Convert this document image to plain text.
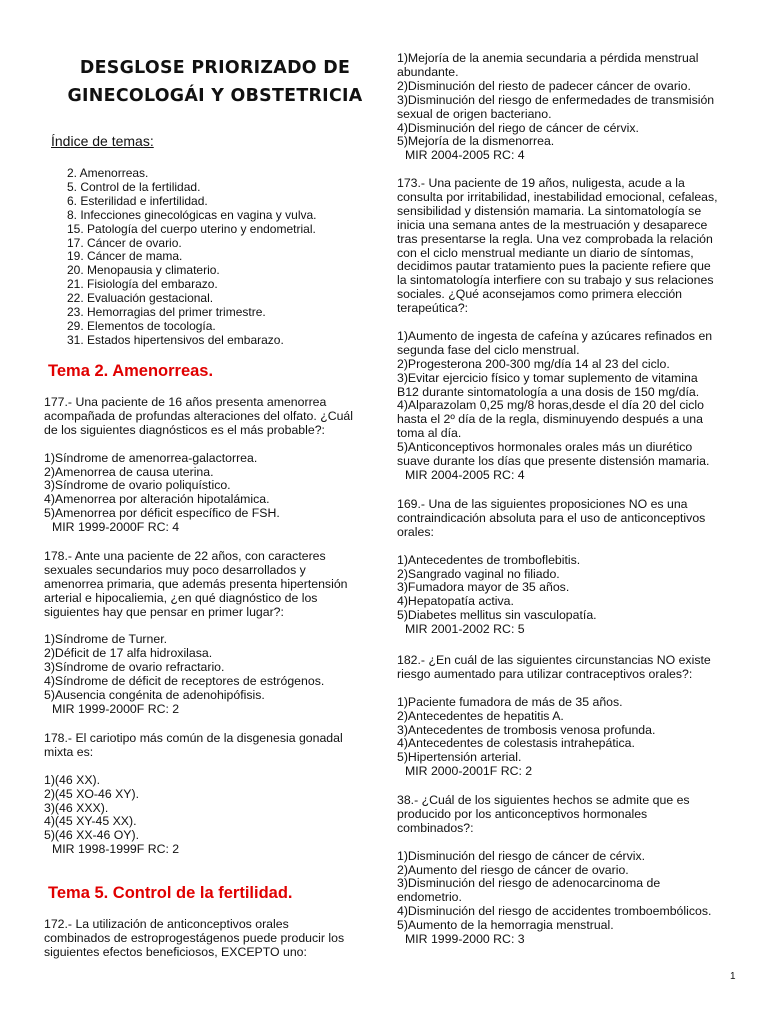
DESGLOSE PRIORIZADO DE
GINECOLOGÁI Y OBSTETRICIA
Índice de temas:
2. Amenorreas.
5. Control de la fertilidad.
6. Esterilidad e infertilidad.
8. Infecciones ginecológicas en vagina y vulva.
15. Patología del cuerpo uterino y endometrial.
17. Cáncer de ovario.
19. Cáncer de mama.
20. Menopausia y climaterio.
21. Fisiología del embarazo.
22. Evaluación gestacional.
23. Hemorragias del primer trimestre.
29. Elementos de tocología.
31. Estados hipertensivos del embarazo.
Tema 2. Amenorreas.
177.- Una paciente de 16 años presenta amenorrea
acompañada de profundas alteraciones del olfato. ¿Cuál
de los siguientes diagnósticos es el más probable?:
1)Síndrome de amenorrea-galactorrea.
2)Amenorrea de causa uterina.
3)Síndrome de ovario poliquístico.
4)Amenorrea por alteración hipotalámica.
5)Amenorrea por déficit específico de FSH.
MIR 1999-2000F RC: 4
178.- Ante una paciente de 22 años, con caracteres
sexuales secundarios muy poco desarrollados y
amenorrea primaria, que además presenta hipertensión
arterial e hipocaliemia, ¿en qué diagnóstico de los
siguientes hay que pensar en primer lugar?:
1)Síndrome de Turner.
2)Déficit de 17 alfa hidroxilasa.
3)Síndrome de ovario refractario.
4)Síndrome de déficit de receptores de estrógenos.
5)Ausencia congénita de adenohipófisis.
MIR 1999-2000F RC: 2
178.- El cariotipo más común de la disgenesia gonadal
mixta es:
1)(46 XX).
2)(45 XO-46 XY).
3)(46 XXX).
4)(45 XY-45 XX).
5)(46 XX-46 OY).
MIR 1998-1999F RC: 2
Tema 5. Control de la fertilidad.
172.- La utilización de anticonceptivos orales
combinados de estroprogestágenos puede producir los
siguientes efectos beneficiosos, EXCEPTO uno:
1)Mejoría de la anemia secundaria a pérdida menstrual
abundante.
2)Disminución del riesto de padecer cáncer de ovario.
3)Disminución del riesgo de enfermedades de transmisión
sexual de origen bacteriano.
4)Disminución del riego de cáncer de cérvix.
5)Mejoría de la dismenorrea.
MIR 2004-2005 RC: 4
173.- Una paciente de 19 años, nuligesta, acude a la
consulta por irritabilidad, inestabilidad emocional, cefaleas,
sensibilidad y distensión mamaria. La sintomatología se
inicia una semana antes de la mestruación y desaparece
tras presentarse la regla. Una vez comprobada la relación
con el ciclo menstrual mediante un diario de síntomas,
decidimos pautar tratamiento pues la paciente refiere que
la sintomatología interfiere con su trabajo y sus relaciones
sociales. ¿Qué aconsejamos como primera elección
terapeútica?:
1)Aumento de ingesta de cafeína y azúcares refinados en
segunda fase del ciclo menstrual.
2)Progesterona 200-300 mg/día 14 al 23 del ciclo.
3)Evitar ejercicio físico y tomar suplemento de vitamina
B12 durante sintomatología a una dosis de 150 mg/día.
4)Alparazolam 0,25 mg/8 horas,desde el día 20 del ciclo
hasta el 2º día de la regla, disminuyendo después a una
toma al día.
5)Anticonceptivos hormonales orales más un diurético
suave durante los días que presente distensión mamaria.
MIR 2004-2005 RC: 4
169.- Una de las siguientes proposiciones NO es una
contraindicación absoluta para el uso de anticonceptivos
orales:
1)Antecedentes de tromboflebitis.
2)Sangrado vaginal no filiado.
3)Fumadora mayor de 35 años.
4)Hepatopatía activa.
5)Diabetes mellitus sin vasculopatía.
MIR 2001-2002 RC: 5
182.- ¿En cuál de las siguientes circunstancias NO existe
riesgo aumentado para utilizar contraceptivos orales?:
1)Paciente fumadora de más de 35 años.
2)Antecedentes de hepatitis A.
3)Antecedentes de trombosis venosa profunda.
4)Antecedentes de colestasis intrahepática.
5)Hipertensión arterial.
MIR 2000-2001F RC: 2
38.- ¿Cuál de los siguientes hechos se admite que es
producido por los anticonceptivos hormonales
combinados?:
1)Disminución del riesgo de cáncer de cérvix.
2)Aumento del riesgo de cáncer de ovario.
3)Disminución del riesgo de adenocarcinoma de
endometrio.
4)Disminución del riesgo de accidentes tromboembólicos.
5)Aumento de la hemorragia menstrual.
MIR 1999-2000 RC: 3
1
